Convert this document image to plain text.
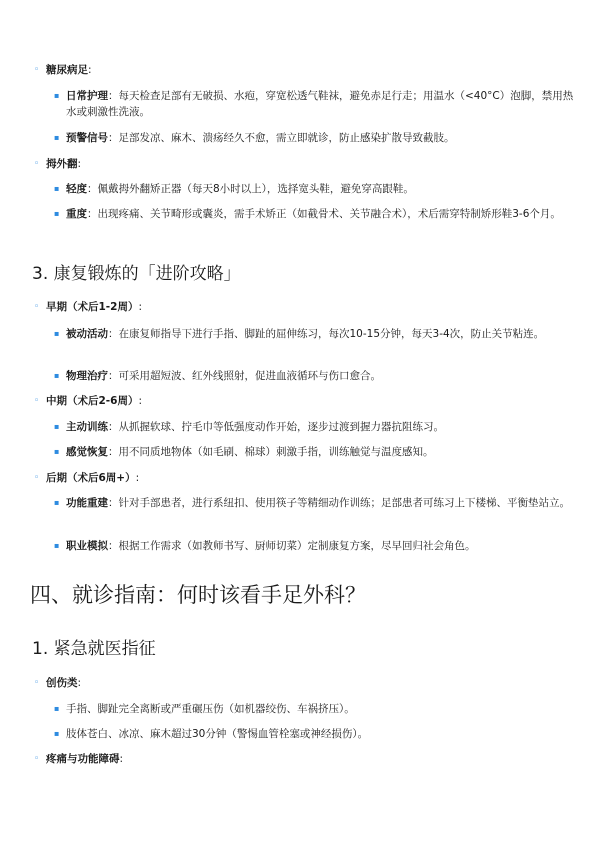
◦ 糖尿病足:
▪ 日常护理：每天检查足部有无破损、水疱，穿宽松透气鞋袜，避免赤足行走；用温水（<40°C）泡脚，禁用热水或刺激性洗液。
▪ 预警信号：足部发凉、麻木、溃疡经久不愈，需立即就诊，防止感染扩散导致截肢。
◦ 拇外翻:
▪ 轻度：佩戴拇外翻矫正器（每天8小时以上），选择宽头鞋，避免穿高跟鞋。
▪ 重度：出现疼痛、关节畸形或囊炎，需手术矫正（如截骨术、关节融合术），术后需穿特制矫形鞋3-6个月。
3. 康复锻炼的「进阶攻略」
◦ 早期（术后1-2周）:
▪ 被动活动：在康复师指导下进行手指、脚趾的屈伸练习，每次10-15分钟，每天3-4次，防止关节粘连。
▪ 物理治疗：可采用超短波、红外线照射，促进血液循环与伤口愈合。
◦ 中期（术后2-6周）:
▪ 主动训练：从抓握软球、拧毛巾等低强度动作开始，逐步过渡到握力器抗阻练习。
▪ 感觉恢复：用不同质地物体（如毛刷、棉球）刺激手指，训练触觉与温度感知。
◦ 后期（术后6周+）:
▪ 功能重建：针对手部患者，进行系纽扣、使用筷子等精细动作训练；足部患者可练习上下楼梯、平衡垫站立。
▪ 职业模拟：根据工作需求（如教师书写、厨师切菜）定制康复方案，尽早回归社会角色。
四、就诊指南：何时该看手足外科？
1. 紧急就医指征
◦ 创伤类:
▪ 手指、脚趾完全离断或严重碾压伤（如机器绞伤、车祸挤压）。
▪ 肢体苍白、冰凉、麻木超过30分钟（警惕血管栓塞或神经损伤）。
◦ 疼痛与功能障碍:
